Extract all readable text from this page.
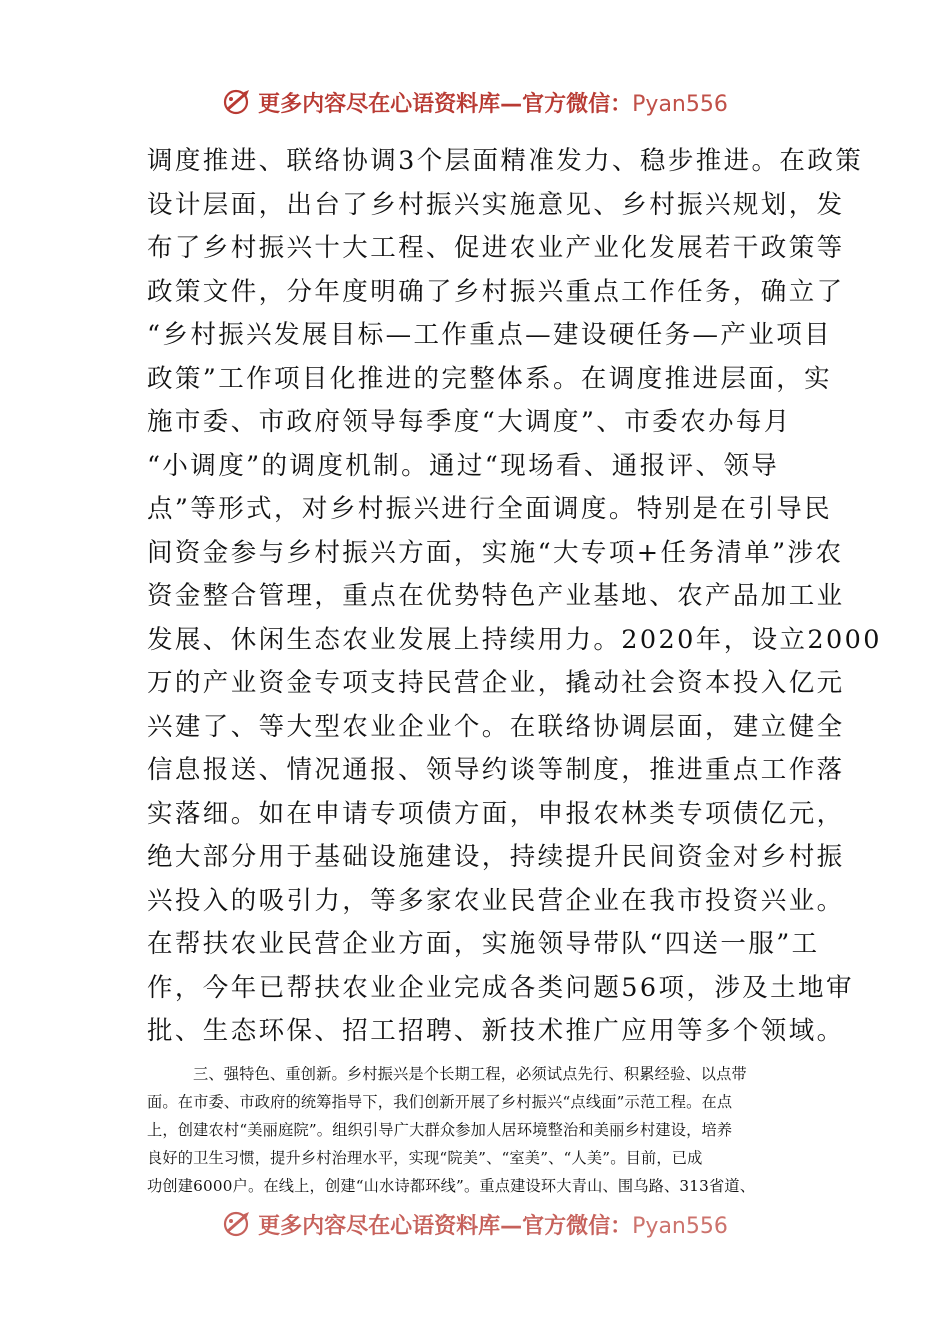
更多内容尽在心语资料库—官方微信：Pyan556
调度推进、联络协调3个层面精准发力、稳步推进。在政策
设计层面，出台了乡村振兴实施意见、乡村振兴规划，发
布了乡村振兴十大工程、促进农业产业化发展若干政策等
政策文件，分年度明确了乡村振兴重点工作任务，确立了
“乡村振兴发展目标—工作重点—建设硬任务—产业项目
政策”工作项目化推进的完整体系。在调度推进层面，实
施市委、市政府领导每季度“大调度”、市委农办每月
“小调度”的调度机制。通过“现场看、通报评、领导
点”等形式，对乡村振兴进行全面调度。特别是在引导民
间资金参与乡村振兴方面，实施“大专项+任务清单”涉农
资金整合管理，重点在优势特色产业基地、农产品加工业
发展、休闲生态农业发展上持续用力。2020年，设立2000
万的产业资金专项支持民营企业，撬动社会资本投入亿元
兴建了、等大型农业企业个。在联络协调层面，建立健全
信息报送、情况通报、领导约谈等制度，推进重点工作落
实落细。如在申请专项债方面，申报农林类专项债亿元，
绝大部分用于基础设施建设，持续提升民间资金对乡村振
兴投入的吸引力，等多家农业民营企业在我市投资兴业。
在帮扶农业民营企业方面，实施领导带队“四送一服”工
作，今年已帮扶农业企业完成各类问题56项，涉及土地审
批、生态环保、招工招聘、新技术推广应用等多个领域。
三、强特色、重创新。乡村振兴是个长期工程，必须试点先行、积累经验、以点带
面。在市委、市政府的统筹指导下，我们创新开展了乡村振兴“点线面”示范工程。在点
上，创建农村“美丽庭院”。组织引导广大群众参加人居环境整治和美丽乡村建设，培养
良好的卫生习惯，提升乡村治理水平，实现“院美”、“室美”、“人美”。目前，已成
功创建6000户。在线上，创建“山水诗都环线”。重点建设环大青山、围乌路、313省道、
更多内容尽在心语资料库—官方微信：Pyan556
